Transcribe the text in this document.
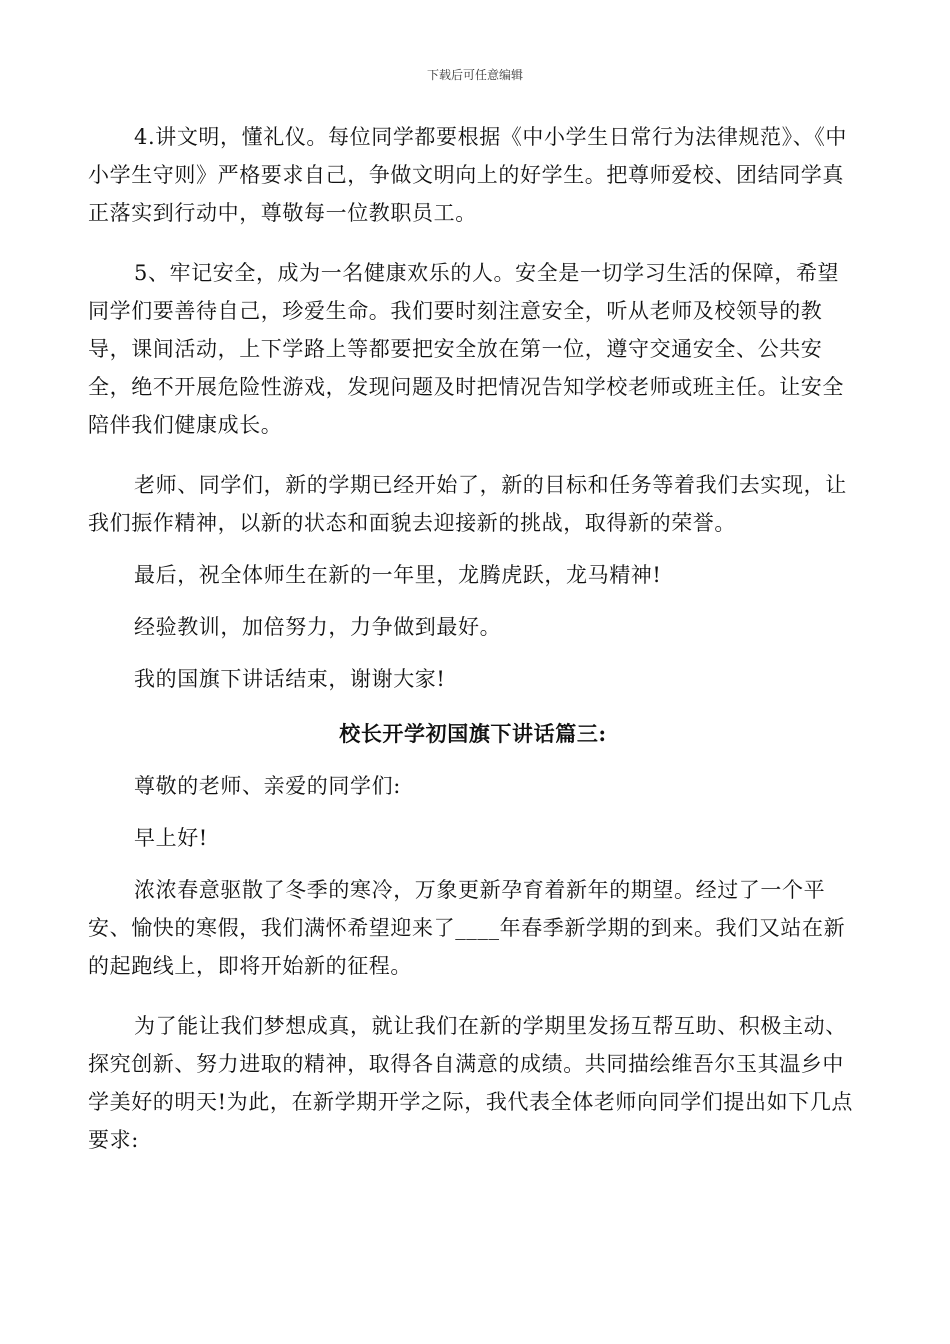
下载后可任意编辑

4.讲文明，懂礼仪。每位同学都要根据《中小学生日常行为法律规范》、《中小学生守则》严格要求自己，争做文明向上的好学生。把尊师爱校、团结同学真正落实到行动中，尊敬每一位教职员工。

5、牢记安全，成为一名健康欢乐的人。安全是一切学习生活的保障，希望同学们要善待自己，珍爱生命。我们要时刻注意安全，听从老师及校领导的教导，课间活动，上下学路上等都要把安全放在第一位，遵守交通安全、公共安全，绝不开展危险性游戏，发现问题及时把情况告知学校老师或班主任。让安全陪伴我们健康成长。

老师、同学们，新的学期已经开始了，新的目标和任务等着我们去实现，让我们振作精神，以新的状态和面貌去迎接新的挑战，取得新的荣誉。

最后，祝全体师生在新的一年里，龙腾虎跃，龙马精神!

经验教训，加倍努力，力争做到最好。

我的国旗下讲话结束，谢谢大家!

校长开学初国旗下讲话篇三:

尊敬的老师、亲爱的同学们:

早上好!

浓浓春意驱散了冬季的寒冷，万象更新孕育着新年的期望。经过了一个平安、愉快的寒假，我们满怀希望迎来了____年春季新学期的到来。我们又站在新的起跑线上，即将开始新的征程。

为了能让我们梦想成真，就让我们在新的学期里发扬互帮互助、积极主动、探究创新、努力进取的精神，取得各自满意的成绩。共同描绘维吾尔玉其温乡中学美好的明天!为此，在新学期开学之际，我代表全体老师向同学们提出如下几点要求:
